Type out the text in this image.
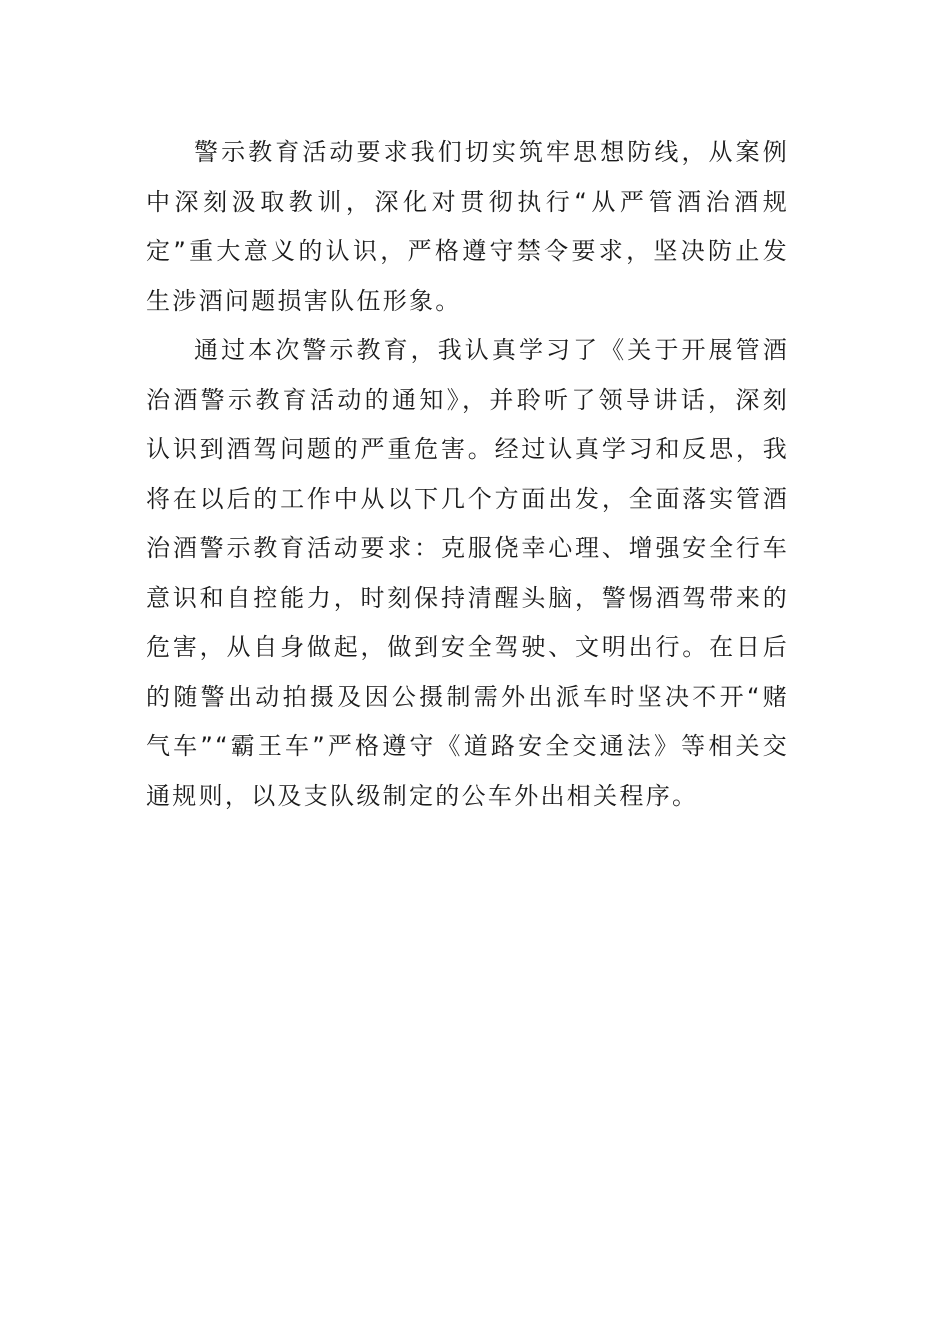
警示教育活动要求我们切实筑牢思想防线，从案例中深刻汲取教训，深化对贯彻执行“从严管酒治酒规定”重大意义的认识，严格遵守禁令要求，坚决防止发生涉酒问题损害队伍形象。

通过本次警示教育，我认真学习了《关于开展管酒治酒警示教育活动的通知》，并聆听了领导讲话，深刻认识到酒驾问题的严重危害。经过认真学习和反思，我将在以后的工作中从以下几个方面出发，全面落实管酒治酒警示教育活动要求：克服侥幸心理、增强安全行车意识和自控能力，时刻保持清醒头脑，警惕酒驾带来的危害，从自身做起，做到安全驾驶、文明出行。在日后的随警出动拍摄及因公摄制需外出派车时坚决不开“赌气车”“霸王车”严格遵守《道路安全交通法》等相关交通规则，以及支队级制定的公车外出相关程序。
